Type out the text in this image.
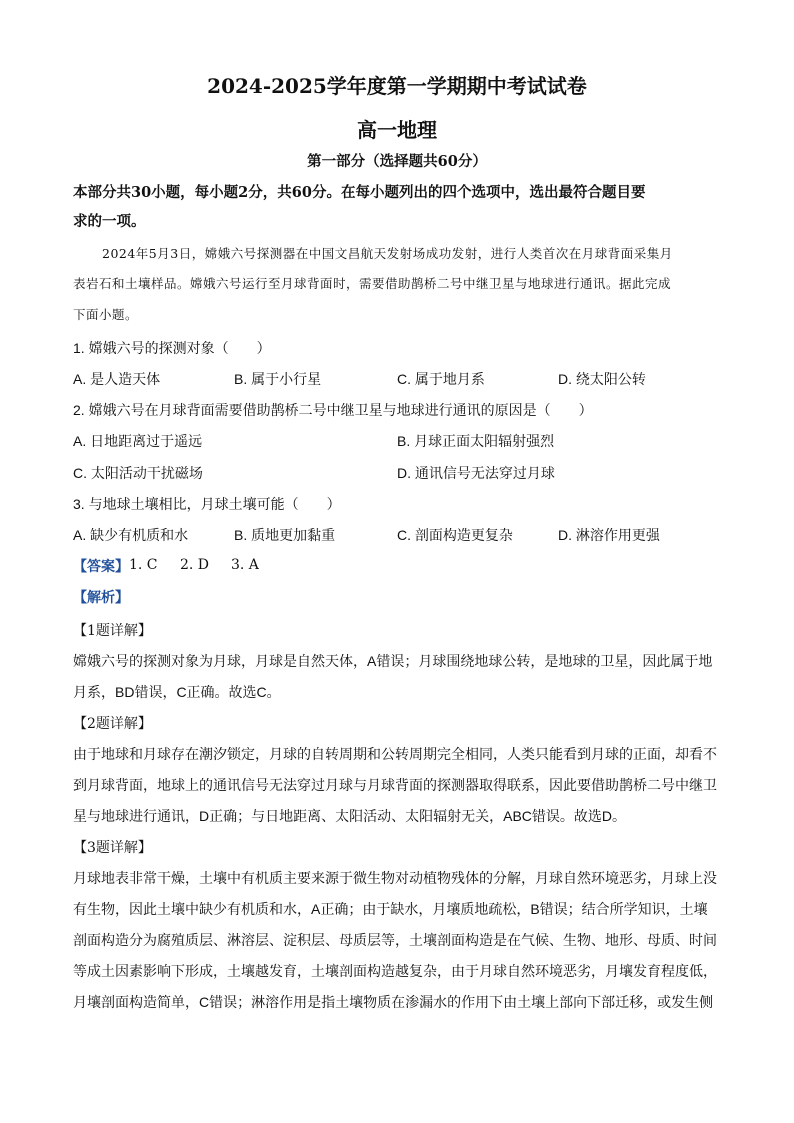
2024-2025学年度第一学期期中考试试卷
高一地理
第一部分（选择题共60分）
本部分共30小题，每小题2分，共60分。在每小题列出的四个选项中，选出最符合题目要
求的一项。
2024年5月3日，嫦娥六号探测器在中国文昌航天发射场成功发射，进行人类首次在月球背面采集月
表岩石和土壤样品。嫦娥六号运行至月球背面时，需要借助鹊桥二号中继卫星与地球进行通讯。据此完成
下面小题。
1. 嫦娥六号的探测对象（　　）
A. 是人造天体	B. 属于小行星	C. 属于地月系	D. 绕太阳公转
2. 嫦娥六号在月球背面需要借助鹊桥二号中继卫星与地球进行通讯的原因是（　　）
A. 日地距离过于遥远	B. 月球正面太阳辐射强烈
C. 太阳活动干扰磁场	D. 通讯信号无法穿过月球
3. 与地球土壤相比，月球土壤可能（　　）
A. 缺少有机质和水	B. 质地更加黏重	C. 剖面构造更复杂	D. 淋溶作用更强
【答案】 1. C 2. D 3. A
【解析】
【1题详解】
嫦娥六号的探测对象为月球，月球是自然天体，A错误；月球围绕地球公转，是地球的卫星，因此属于地
月系，BD错误，C正确。故选C。
【2题详解】
由于地球和月球存在潮汐锁定，月球的自转周期和公转周期完全相同，人类只能看到月球的正面，却看不
到月球背面，地球上的通讯信号无法穿过月球与月球背面的探测器取得联系，因此要借助鹊桥二号中继卫
星与地球进行通讯，D正确；与日地距离、太阳活动、太阳辐射无关，ABC错误。故选D。
【3题详解】
月球地表非常干燥，土壤中有机质主要来源于微生物对动植物残体的分解，月球自然环境恶劣，月球上没
有生物，因此土壤中缺少有机质和水，A正确；由于缺水，月壤质地疏松，B错误；结合所学知识，土壤
剖面构造分为腐殖质层、淋溶层、淀积层、母质层等，土壤剖面构造是在气候、生物、地形、母质、时间
等成土因素影响下形成，土壤越发育，土壤剖面构造越复杂，由于月球自然环境恶劣，月壤发育程度低，
月壤剖面构造简单，C错误；淋溶作用是指土壤物质在渗漏水的作用下由土壤上部向下部迁移，或发生侧
